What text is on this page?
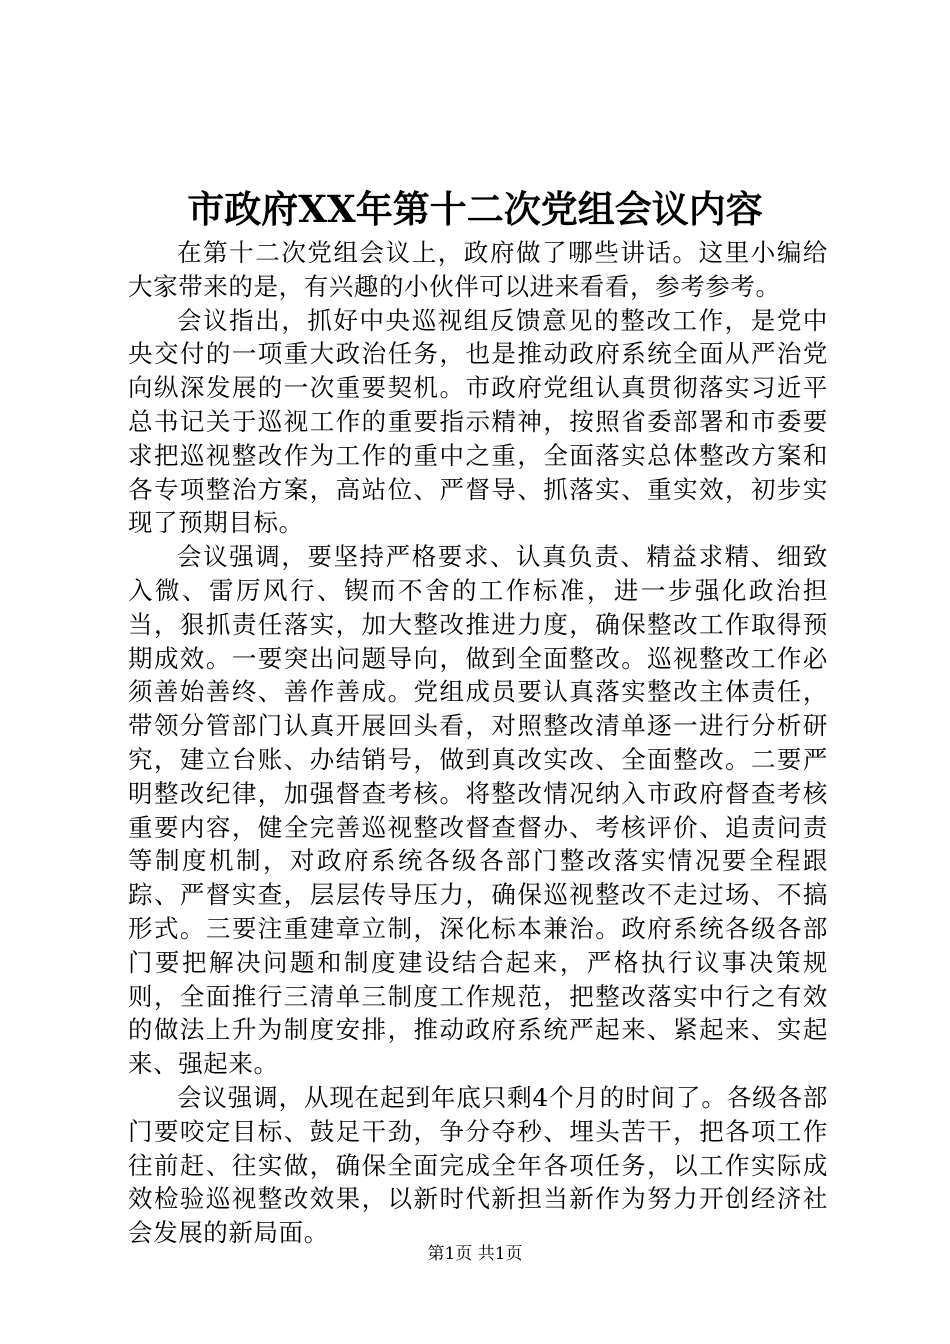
市政府XX年第十二次党组会议内容

在第十二次党组会议上，政府做了哪些讲话。这里小编给大家带来的是，有兴趣的小伙伴可以进来看看，参考参考。

会议指出，抓好中央巡视组反馈意见的整改工作，是党中央交付的一项重大政治任务，也是推动政府系统全面从严治党向纵深发展的一次重要契机。市政府党组认真贯彻落实习近平总书记关于巡视工作的重要指示精神，按照省委部署和市委要求把巡视整改作为工作的重中之重，全面落实总体整改方案和各专项整治方案，高站位、严督导、抓落实、重实效，初步实现了预期目标。

会议强调，要坚持严格要求、认真负责、精益求精、细致入微、雷厉风行、锲而不舍的工作标准，进一步强化政治担当，狠抓责任落实，加大整改推进力度，确保整改工作取得预期成效。一要突出问题导向，做到全面整改。巡视整改工作必须善始善终、善作善成。党组成员要认真落实整改主体责任，带领分管部门认真开展回头看，对照整改清单逐一进行分析研究，建立台账、办结销号，做到真改实改、全面整改。二要严明整改纪律，加强督查考核。将整改情况纳入市政府督查考核重要内容，健全完善巡视整改督查督办、考核评价、追责问责等制度机制，对政府系统各级各部门整改落实情况要全程跟踪、严督实查，层层传导压力，确保巡视整改不走过场、不搞形式。三要注重建章立制，深化标本兼治。政府系统各级各部门要把解决问题和制度建设结合起来，严格执行议事决策规则，全面推行三清单三制度工作规范，把整改落实中行之有效的做法上升为制度安排，推动政府系统严起来、紧起来、实起来、强起来。

会议强调，从现在起到年底只剩4个月的时间了。各级各部门要咬定目标、鼓足干劲，争分夺秒、埋头苦干，把各项工作往前赶、往实做，确保全面完成全年各项任务，以工作实际成效检验巡视整改效果，以新时代新担当新作为努力开创经济社会发展的新局面。

第1页 共1页
